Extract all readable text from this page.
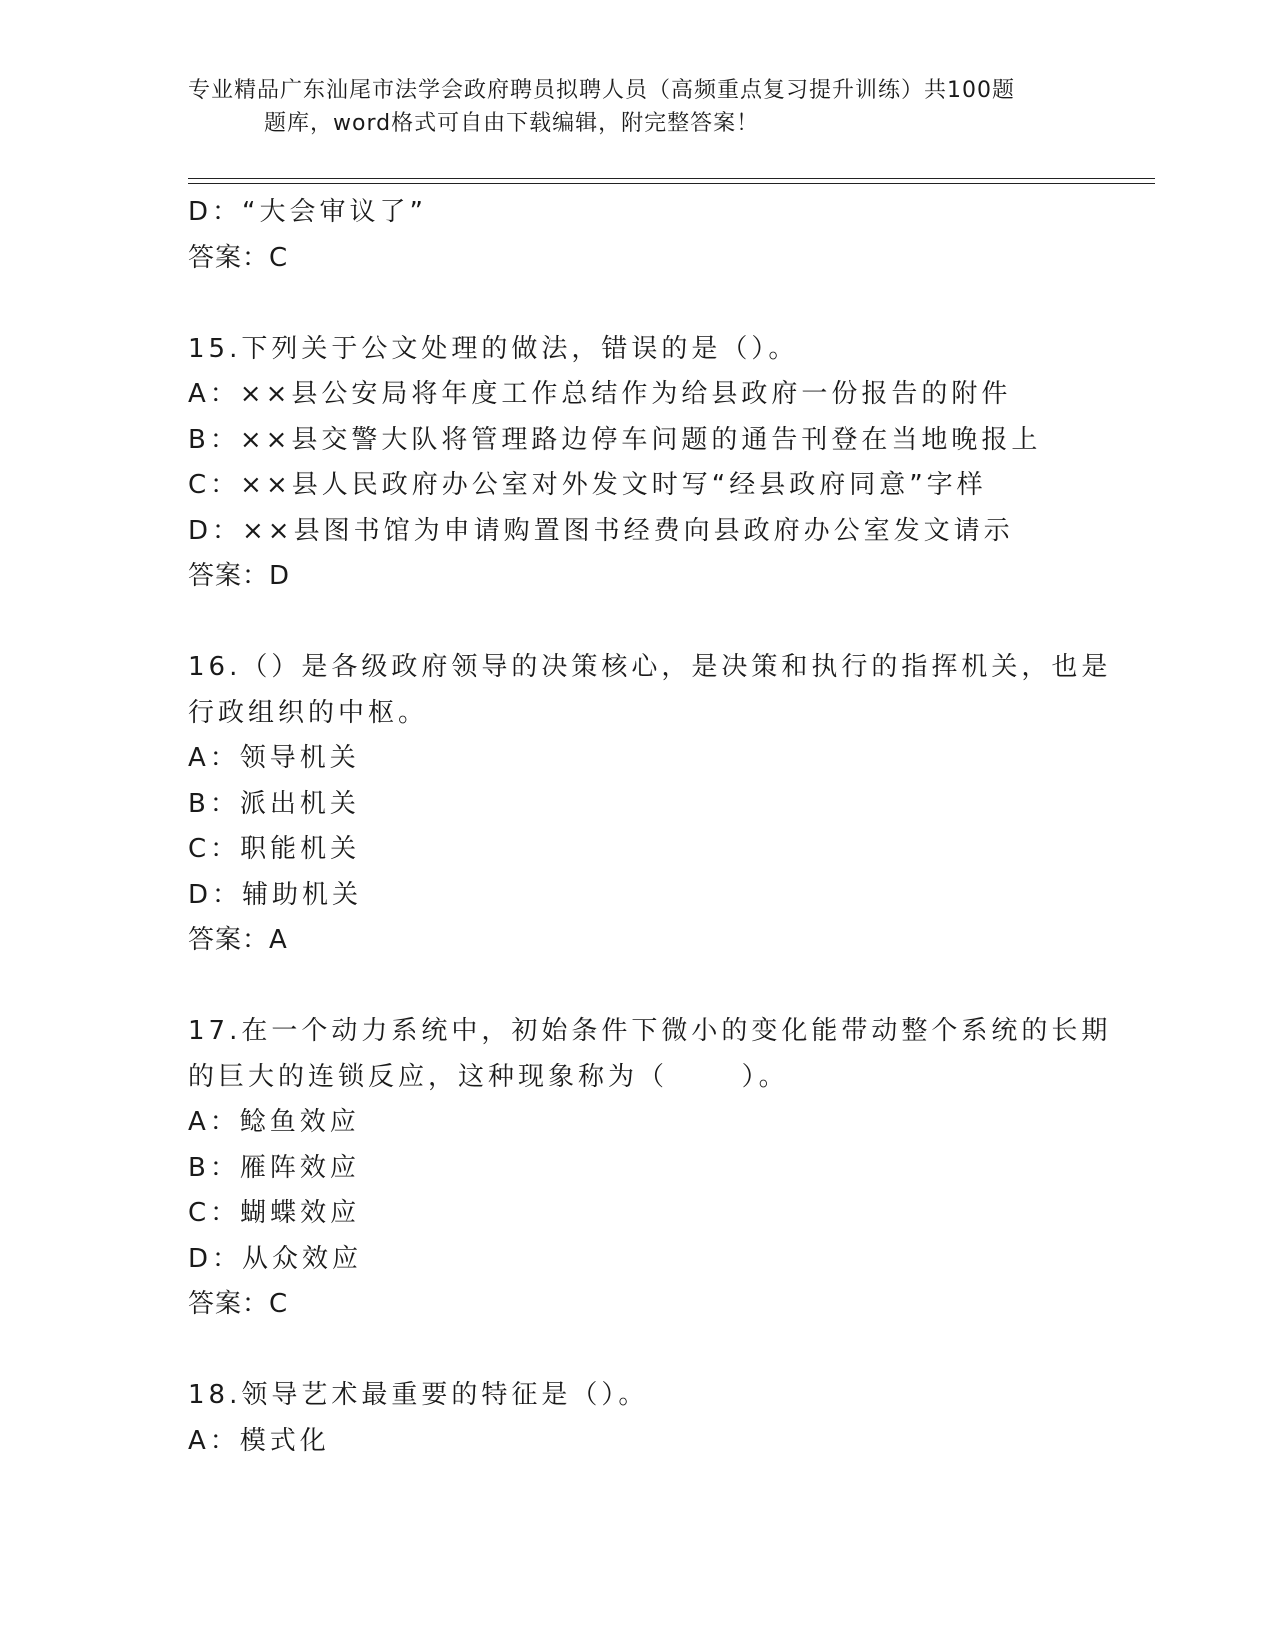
专业精品广东汕尾市法学会政府聘员拟聘人员（高频重点复习提升训练）共100题
题库，word格式可自由下载编辑，附完整答案！
D：“大会审议了”
答案：C
15.下列关于公文处理的做法，错误的是（）。
A：××县公安局将年度工作总结作为给县政府一份报告的附件
B：××县交警大队将管理路边停车问题的通告刊登在当地晚报上
C：××县人民政府办公室对外发文时写“经县政府同意”字样
D：××县图书馆为申请购置图书经费向县政府办公室发文请示
答案：D
16.（）是各级政府领导的决策核心，是决策和执行的指挥机关，也是
行政组织的中枢。
A：领导机关
B：派出机关
C：职能机关
D：辅助机关
答案：A
17.在一个动力系统中，初始条件下微小的变化能带动整个系统的长期
的巨大的连锁反应，这种现象称为（      ）。
A：鲶鱼效应
B：雁阵效应
C：蝴蝶效应
D：从众效应
答案：C
18.领导艺术最重要的特征是（）。
A：模式化
